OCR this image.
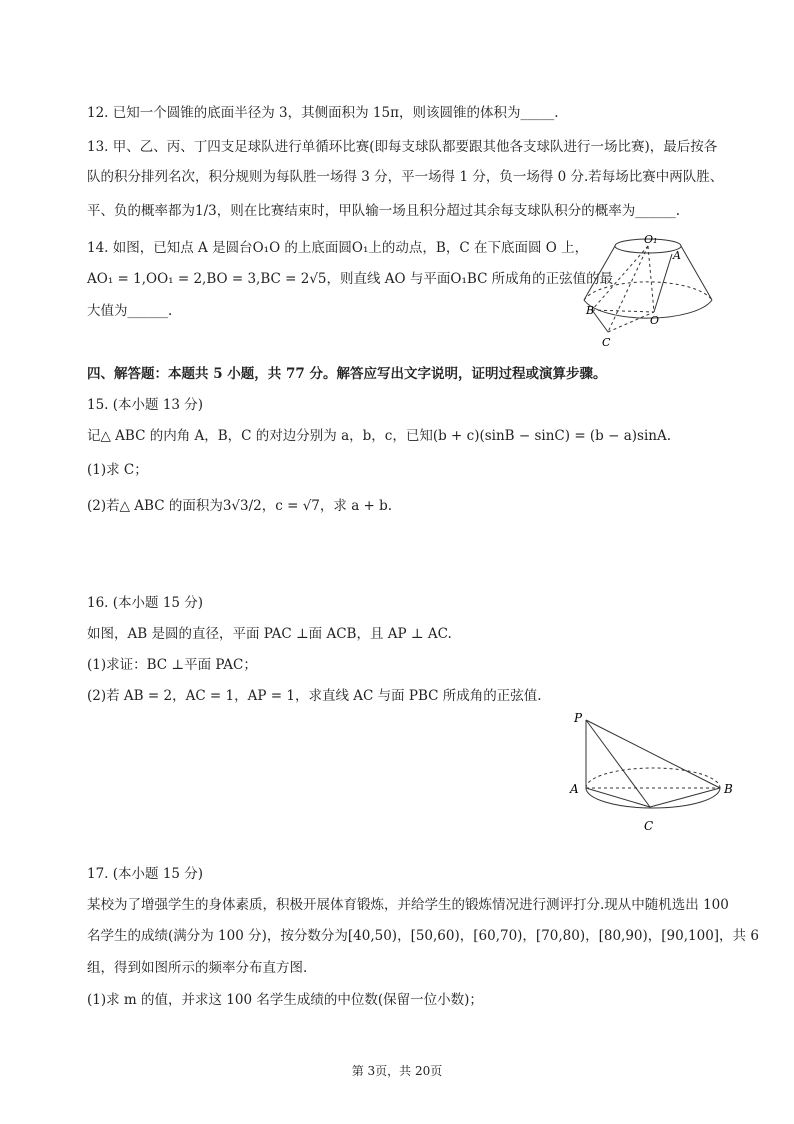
12. 已知一个圆锥的底面半径为 3，其侧面积为 15π，则该圆锥的体积为_____.
13. 甲、乙、丙、丁四支足球队进行单循环比赛(即每支球队都要跟其他各支球队进行一场比赛)，最后按各
队的积分排列名次，积分规则为每队胜一场得 3 分，平一场得 1 分，负一场得 0 分.若每场比赛中两队胜、
平、负的概率都为1/3，则在比赛结束时，甲队输一场且积分超过其余每支球队积分的概率为______.
14. 如图，已知点 A 是圆台O₁O 的上底面圆O₁上的动点，B，C 在下底面圆 O 上，
AO₁ = 1,OO₁ = 2,BO = 3,BC = 2√5，则直线 AO 与平面O₁BC 所成角的正弦值的最
大值为______.
O₁
A
B
O
C
四、解答题：本题共 5 小题，共 77 分。解答应写出文字说明，证明过程或演算步骤。
15. (本小题 13 分)
记△ ABC 的内角 A，B，C 的对边分别为 a，b，c，已知(b + c)(sinB − sinC) = (b − a)sinA.
(1)求 C；
(2)若△ ABC 的面积为3√3/2，c = √7，求 a + b.
16. (本小题 15 分)
如图，AB 是圆的直径，平面 PAC ⊥面 ACB，且 AP ⊥ AC.
(1)求证：BC ⊥平面 PAC；
(2)若 AB = 2，AC = 1，AP = 1，求直线 AC 与面 PBC 所成角的正弦值.
P
A	B
C
17. (本小题 15 分)
某校为了增强学生的身体素质，积极开展体育锻炼，并给学生的锻炼情况进行测评打分.现从中随机选出 100
名学生的成绩(满分为 100 分)，按分数分为[40,50)，[50,60)，[60,70)，[70,80)，[80,90)，[90,100]，共 6
组，得到如图所示的频率分布直方图.
(1)求 m 的值，并求这 100 名学生成绩的中位数(保留一位小数)；
第 3页，共 20页
